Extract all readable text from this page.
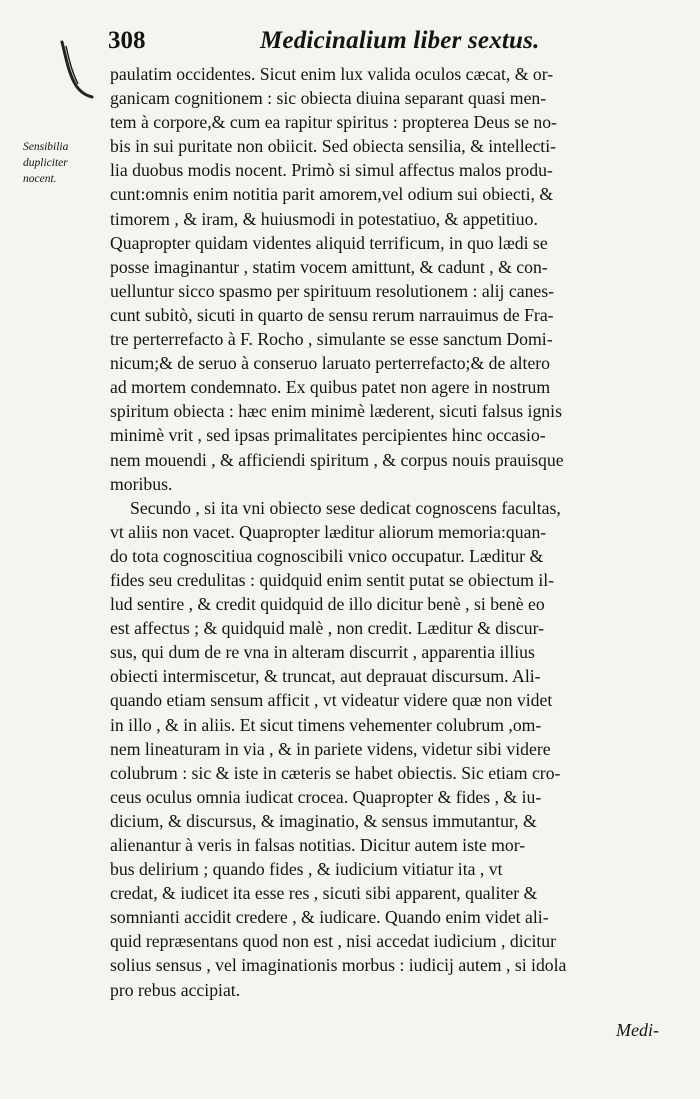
308	Medicinalium liber sextus.
Sensibilia
dupliciter
nocent.
paulatim occidentes. Sicut enim lux valida oculos cæcat, & or-
ganicam cognitionem : sic obiecta diuina separant quasi men-
tem à corpore,& cum ea rapitur spiritus : propterea Deus se no-
bis in sui puritate non obiicit. Sed obiecta sensilia, & intellecti-
lia duobus modis nocent. Primò si simul affectus malos produ-
cunt:omnis enim notitia parit amorem,vel odium sui obiecti, &
timorem , & iram, & huiusmodi in potestatiuo, & appetitiuo.
Quapropter quidam videntes aliquid terrificum, in quo lædi se
posse imaginantur , statim vocem amittunt, & cadunt , & con-
uelluntur sicco spasmo per spirituum resolutionem : alij canes-
cunt subitò, sicuti in quarto de sensu rerum narrauimus de Fra-
tre perterrefacto à F. Rocho , simulante se esse sanctum Domi-
nicum;& de seruo à conseruo laruato perterrefacto;& de altero
ad mortem condemnato. Ex quibus patet non agere in nostrum
spiritum obiecta : hæc enim minimè læderent, sicuti falsus ignis
minimè vrit , sed ipsas primalitates percipientes hinc occasio-
nem mouendi , & afficiendi spiritum , & corpus nouis prauisque
moribus.
Secundo , si ita vni obiecto sese dedicat cognoscens facultas,
vt aliis non vacet. Quapropter læditur aliorum memoria:quan-
do tota cognoscitiua cognoscibili vnico occupatur. Læditur &
fides seu credulitas : quidquid enim sentit putat se obiectum il-
lud sentire , & credit quidquid de illo dicitur benè , si benè eo
est affectus ; & quidquid malè , non credit. Læditur & discur-
sus, qui dum de re vna in alteram discurrit , apparentia illius
obiecti intermiscetur, & truncat, aut deprauat discursum. Ali-
quando etiam sensum afficit , vt videatur videre quæ non videt
in illo , & in aliis. Et sicut timens vehementer colubrum ,om-
nem lineaturam in via , & in pariete videns, videtur sibi videre
colubrum : sic & iste in cæteris se habet obiectis. Sic etiam cro-
ceus oculus omnia iudicat crocea. Quapropter & fides , & iu-
dicium, & discursus, & imaginatio, & sensus immutantur, &
alienantur à veris in falsas notitias. Dicitur autem iste mor-
bus delirium ; quando fides , & iudicium vitiatur ita , vt
credat, & iudicet ita esse res , sicuti sibi apparent, qualiter &
somnianti accidit credere , & iudicare. Quando enim videt ali-
quid repræsentans quod non est , nisi accedat iudicium , dicitur
solius sensus , vel imaginationis morbus : iudicij autem , si idola
pro rebus accipiat.
Medi-
